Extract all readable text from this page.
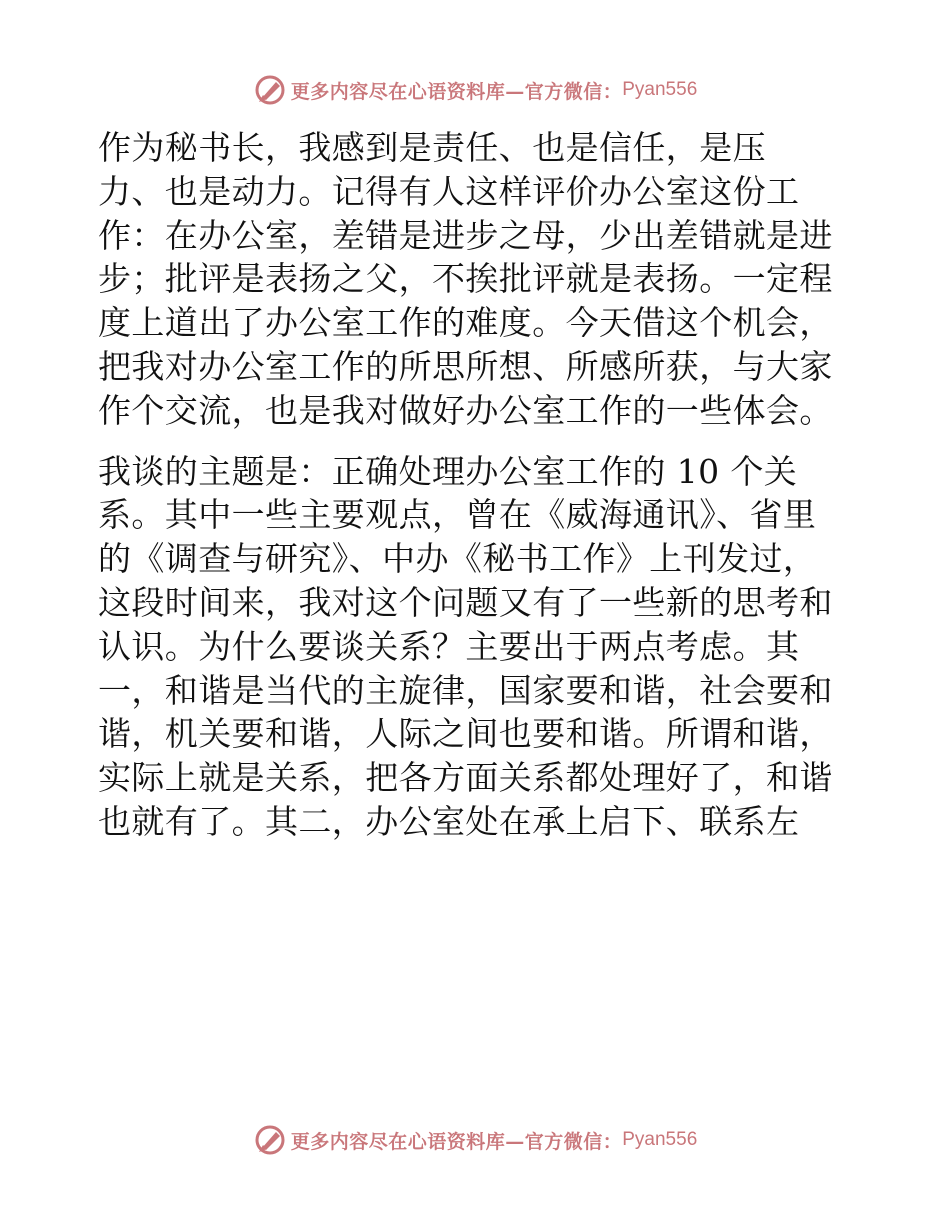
更多内容尽在心语资料库—官方微信： Pyan556
作为秘书长，我感到是责任、也是信任，是压
力、也是动力。记得有人这样评价办公室这份工
作：在办公室，差错是进步之母，少出差错就是进
步；批评是表扬之父，不挨批评就是表扬。一定程
度上道出了办公室工作的难度。今天借这个机会，
把我对办公室工作的所思所想、所感所获，与大家
作个交流，也是我对做好办公室工作的一些体会。
我谈的主题是：正确处理办公室工作的 10 个关
系。其中一些主要观点，曾在《威海通讯》、省里
的《调查与研究》、中办《秘书工作》上刊发过，
这段时间来，我对这个问题又有了一些新的思考和
认识。为什么要谈关系？主要出于两点考虑。其
一，和谐是当代的主旋律，国家要和谐，社会要和
谐，机关要和谐，人际之间也要和谐。所谓和谐，
实际上就是关系，把各方面关系都处理好了，和谐
也就有了。其二，办公室处在承上启下、联系左
更多内容尽在心语资料库—官方微信： Pyan556
